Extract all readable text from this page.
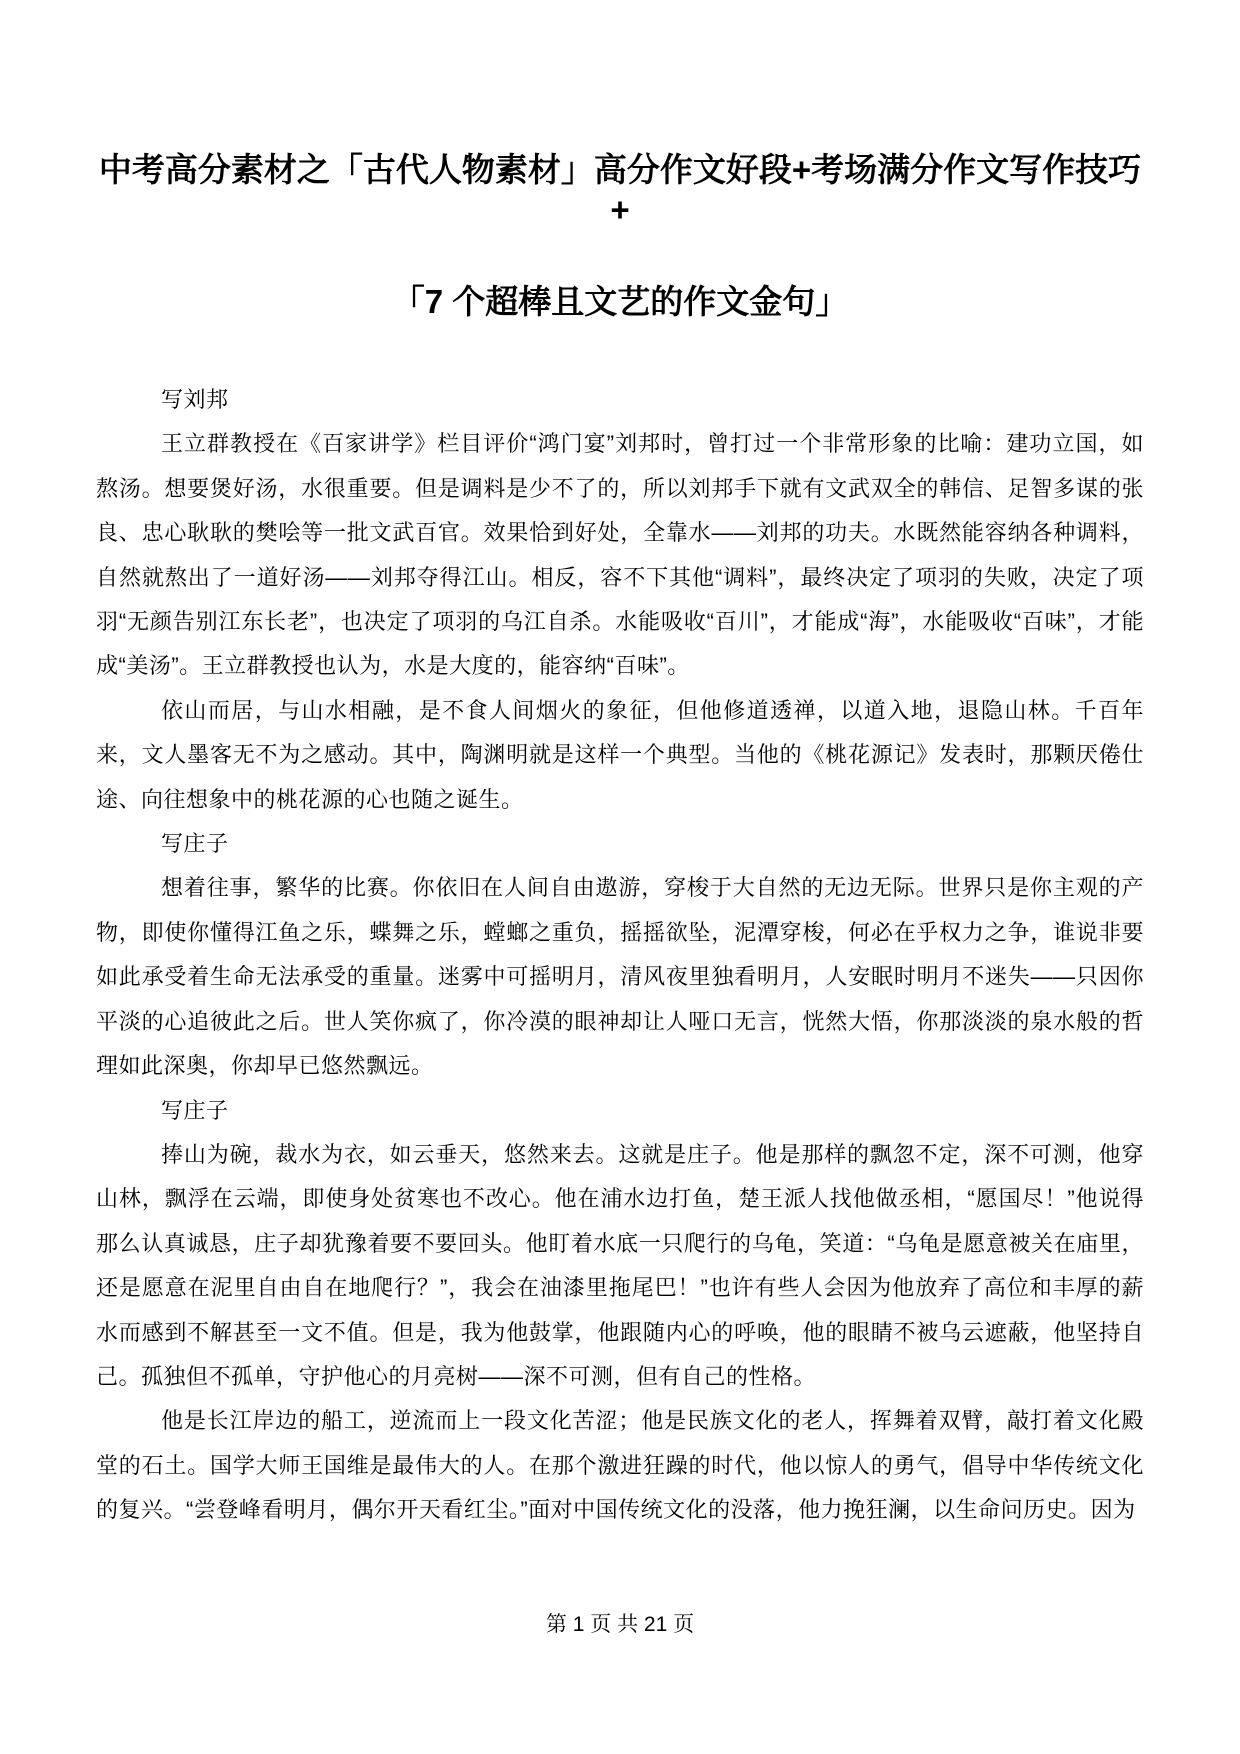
中考高分素材之「古代人物素材」高分作文好段+考场满分作文写作技巧+
「7 个超棒且文艺的作文金句」

写刘邦

王立群教授在《百家讲学》栏目评价“鸿门宴”刘邦时，曾打过一个非常形象的比喻：建功立国，如熬汤。想要煲好汤，水很重要。但是调料是少不了的，所以刘邦手下就有文武双全的韩信、足智多谋的张良、忠心耿耿的樊哙等一批文武百官。效果恰到好处，全靠水——刘邦的功夫。水既然能容纳各种调料，自然就熬出了一道好汤——刘邦夺得江山。相反，容不下其他“调料”，最终决定了项羽的失败，决定了项羽“无颜告别江东长老”，也决定了项羽的乌江自杀。水能吸收“百川”，才能成“海”，水能吸收“百味”，才能成“美汤”。王立群教授也认为，水是大度的，能容纳“百味”。

依山而居，与山水相融，是不食人间烟火的象征，但他修道透禅，以道入地，退隐山林。千百年来，文人墨客无不为之感动。其中，陶渊明就是这样一个典型。当他的《桃花源记》发表时，那颗厌倦仕途、向往想象中的桃花源的心也随之诞生。

写庄子

想着往事，繁华的比赛。你依旧在人间自由遨游，穿梭于大自然的无边无际。世界只是你主观的产物，即使你懂得江鱼之乐，蝶舞之乐，螳螂之重负，摇摇欲坠，泥潭穿梭，何必在乎权力之争，谁说非要如此承受着生命无法承受的重量。迷雾中可摇明月，清风夜里独看明月，人安眠时明月不迷失——只因你平淡的心追彼此之后。世人笑你疯了，你冷漠的眼神却让人哑口无言，恍然大悟，你那淡淡的泉水般的哲理如此深奥，你却早已悠然飘远。

写庄子

捧山为碗，裁水为衣，如云垂天，悠然来去。这就是庄子。他是那样的飘忽不定，深不可测，他穿山林，飘浮在云端，即使身处贫寒也不改心。他在浦水边打鱼，楚王派人找他做丞相，“愿国尽！”他说得那么认真诚恳，庄子却犹豫着要不要回头。他盯着水底一只爬行的乌龟，笑道：“乌龟是愿意被关在庙里，还是愿意在泥里自由自在地爬行？”，我会在油漆里拖尾巴！”也许有些人会因为他放弃了高位和丰厚的薪水而感到不解甚至一文不值。但是，我为他鼓掌，他跟随内心的呼唤，他的眼睛不被乌云遮蔽，他坚持自己。孤独但不孤单，守护他心的月亮树——深不可测，但有自己的性格。

他是长江岸边的船工，逆流而上一段文化苦涩；他是民族文化的老人，挥舞着双臂，敲打着文化殿堂的石土。国学大师王国维是最伟大的人。在那个激进狂躁的时代，他以惊人的勇气，倡导中华传统文化的复兴。“尝登峰看明月，偶尔开天看红尘。”面对中国传统文化的没落，他力挽狂澜，以生命问历史。因为

第 1 页 共 21 页
